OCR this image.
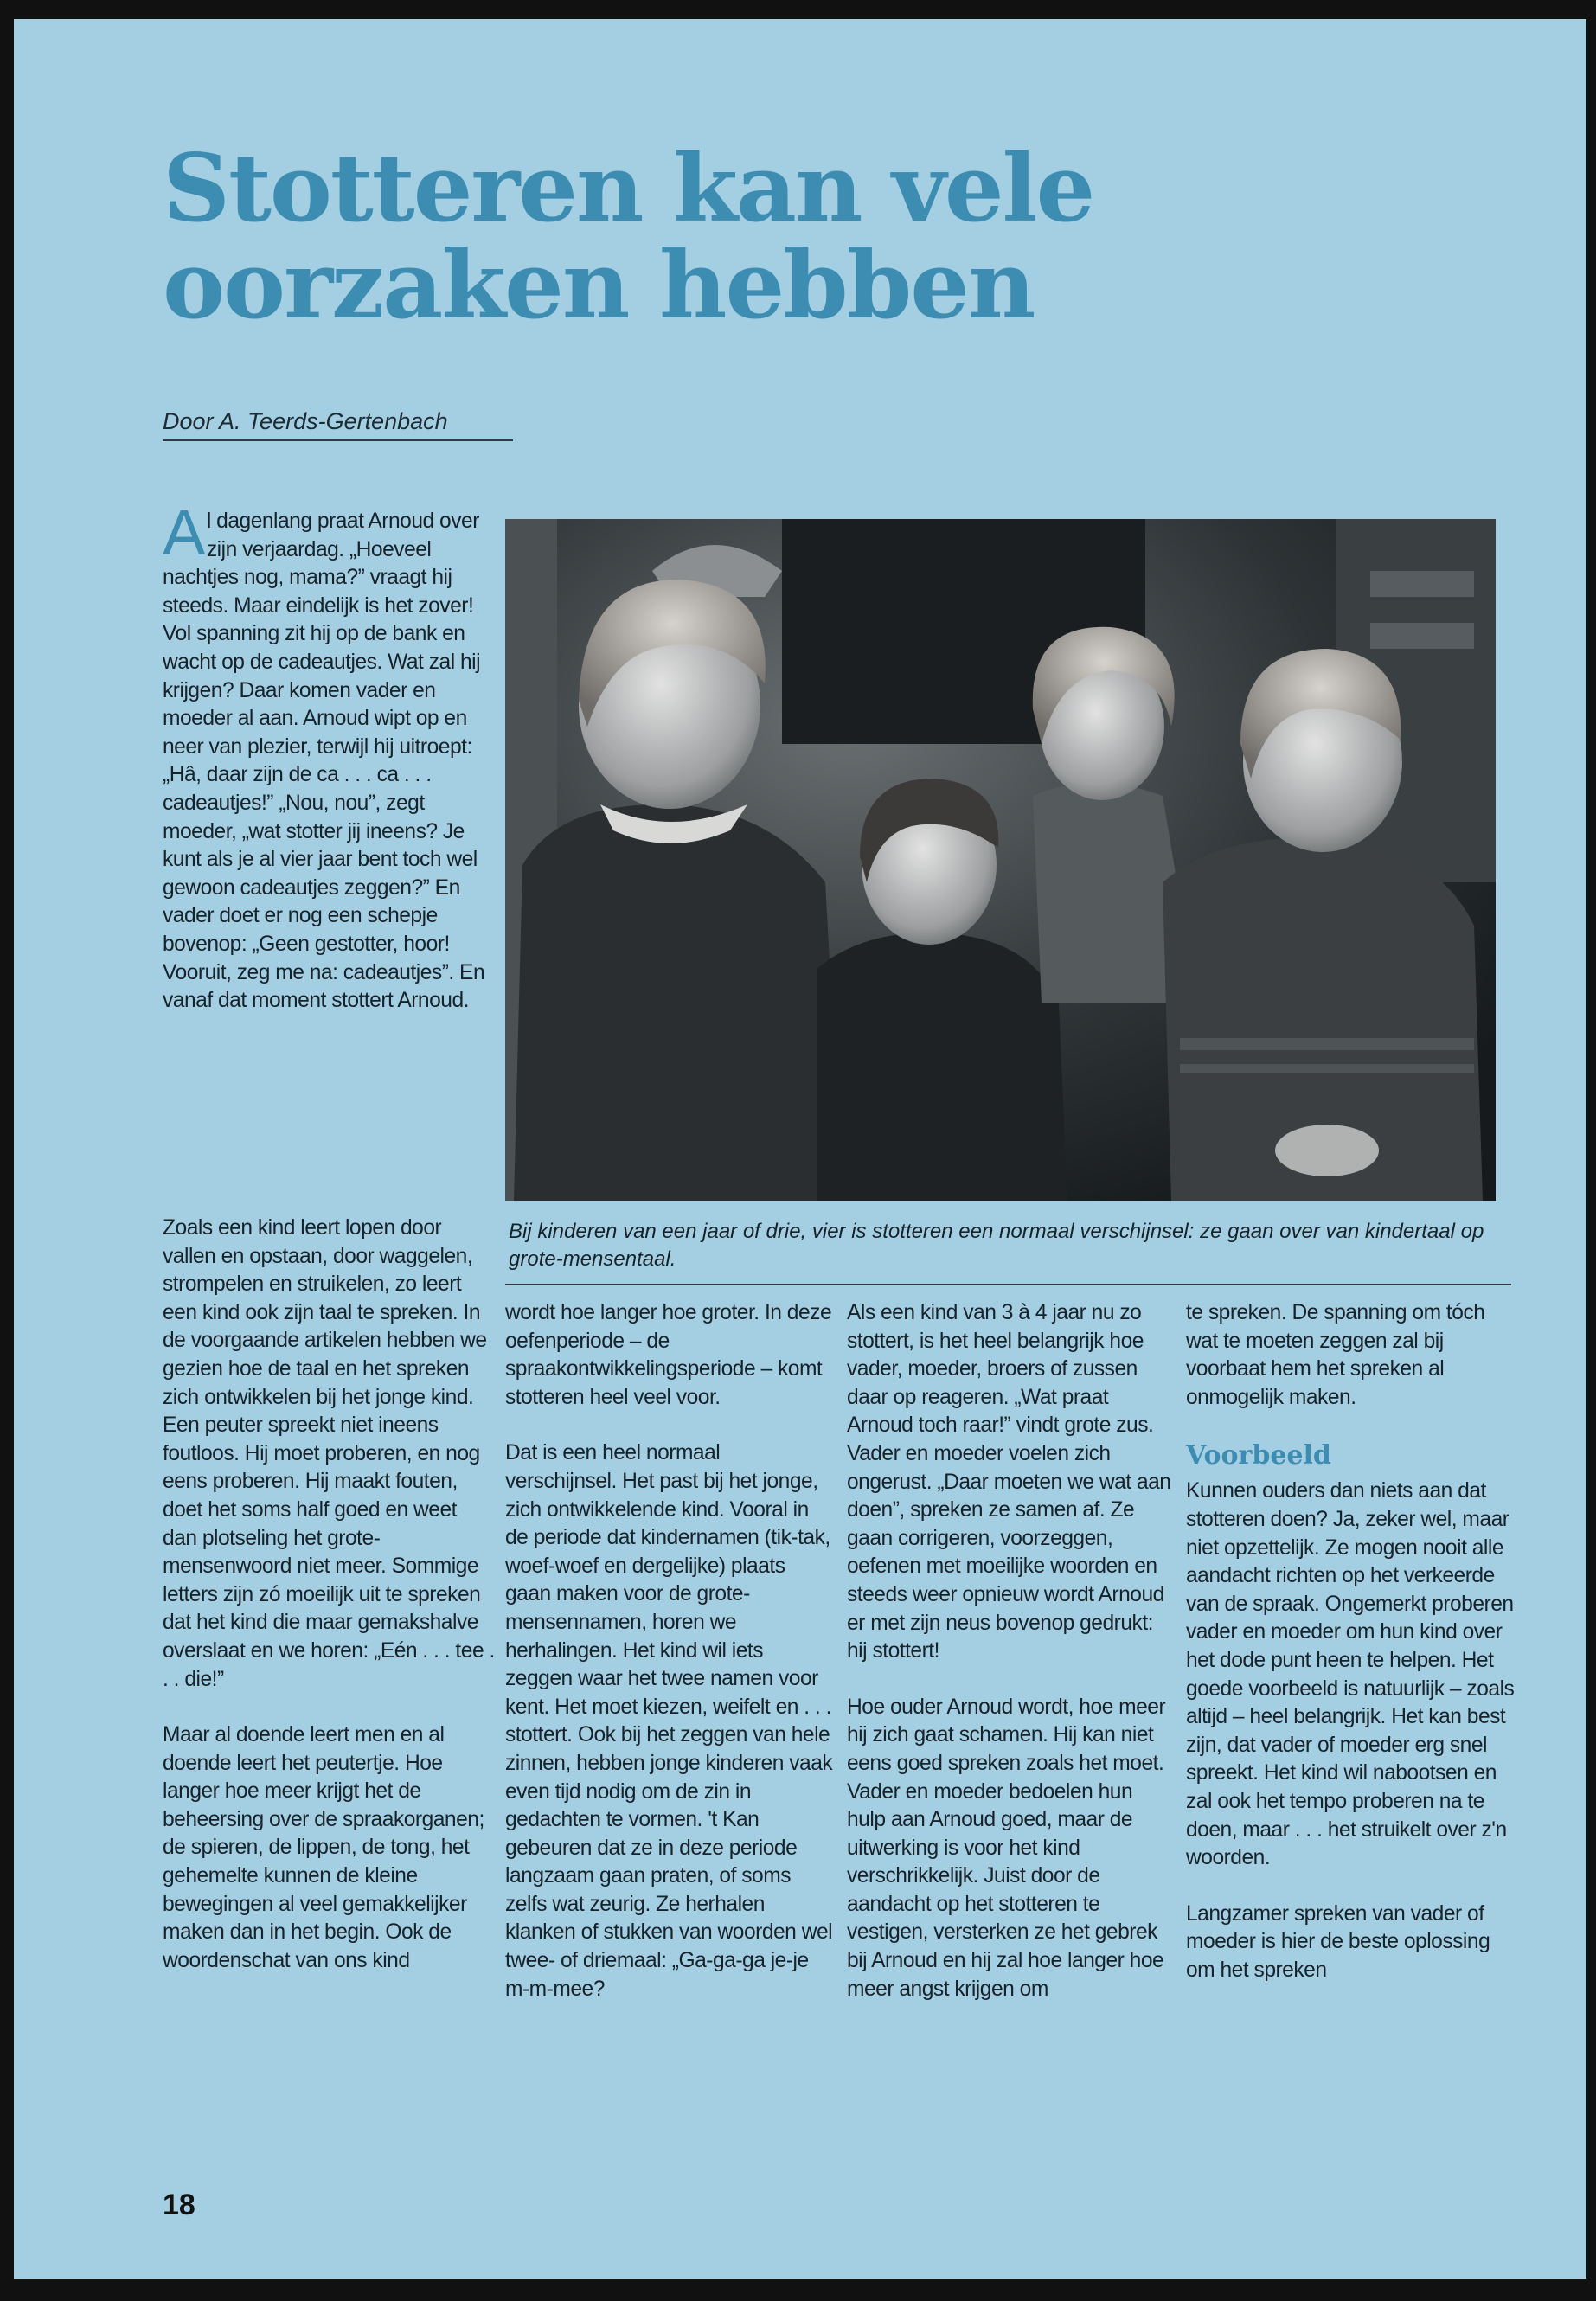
Stotteren kan vele oorzaken hebben
Door A. Teerds-Gertenbach

Al dagenlang praat Arnoud over zijn verjaardag. „Hoeveel nachtjes nog, mama?” vraagt hij steeds. Maar eindelijk is het zover! Vol spanning zit hij op de bank en wacht op de cadeautjes. Wat zal hij krijgen? Daar komen vader en moeder al aan. Arnoud wipt op en neer van plezier, terwijl hij uitroept: „Hâ, daar zijn de ca . . . ca . . . cadeautjes!” „Nou, nou”, zegt moeder, „wat stotter jij ineens? Je kunt als je al vier jaar bent toch wel gewoon cadeautjes zeggen?” En vader doet er nog een schepje bovenop: „Geen gestotter, hoor! Vooruit, zeg me na: cadeautjes”. En vanaf dat moment stottert Arnoud.

Bij kinderen van een jaar of drie, vier is stotteren een normaal verschijnsel: ze gaan over van kindertaal op grote-mensentaal.

Zoals een kind leert lopen door vallen en opstaan, door waggelen, strompelen en struikelen, zo leert een kind ook zijn taal te spreken. In de voorgaande artikelen hebben we gezien hoe de taal en het spreken zich ontwikkelen bij het jonge kind. Een peuter spreekt niet ineens foutloos. Hij moet proberen, en nog eens proberen. Hij maakt fouten, doet het soms half goed en weet dan plotseling het grote-mensenwoord niet meer. Sommige letters zijn zó moeilijk uit te spreken dat het kind die maar gemakshalve overslaat en we horen: „Eén . . . tee . . . die!”

Maar al doende leert men en al doende leert het peutertje. Hoe langer hoe meer krijgt het de beheersing over de spraakorganen; de spieren, de lippen, de tong, het gehemelte kunnen de kleine bewegingen al veel gemakkelijker maken dan in het begin. Ook de woordenschat van ons kind

wordt hoe langer hoe groter. In deze oefenperiode – de spraakontwikkelingsperiode – komt stotteren heel veel voor.

Dat is een heel normaal verschijnsel. Het past bij het jonge, zich ontwikkelende kind. Vooral in de periode dat kindernamen (tik-tak, woef-woef en dergelijke) plaats gaan maken voor de grote-mensennamen, horen we herhalingen. Het kind wil iets zeggen waar het twee namen voor kent. Het moet kiezen, weifelt en . . . stottert. Ook bij het zeggen van hele zinnen, hebben jonge kinderen vaak even tijd nodig om de zin in gedachten te vormen. 't Kan gebeuren dat ze in deze periode langzaam gaan praten, of soms zelfs wat zeurig. Ze herhalen klanken of stukken van woorden wel twee- of driemaal: „Ga-ga-ga je-je m-m-mee?

Als een kind van 3 à 4 jaar nu zo stottert, is het heel belangrijk hoe vader, moeder, broers of zussen daar op reageren. „Wat praat Arnoud toch raar!” vindt grote zus. Vader en moeder voelen zich ongerust. „Daar moeten we wat aan doen”, spreken ze samen af. Ze gaan corrigeren, voorzeggen, oefenen met moeilijke woorden en steeds weer opnieuw wordt Arnoud er met zijn neus bovenop gedrukt: hij stottert!

Hoe ouder Arnoud wordt, hoe meer hij zich gaat schamen. Hij kan niet eens goed spreken zoals het moet. Vader en moeder bedoelen hun hulp aan Arnoud goed, maar de uitwerking is voor het kind verschrikkelijk. Juist door de aandacht op het stotteren te vestigen, versterken ze het gebrek bij Arnoud en hij zal hoe langer hoe meer angst krijgen om

te spreken. De spanning om tóch wat te moeten zeggen zal bij voorbaat hem het spreken al onmogelijk maken.

Voorbeeld

Kunnen ouders dan niets aan dat stotteren doen? Ja, zeker wel, maar niet opzettelijk. Ze mogen nooit alle aandacht richten op het verkeerde van de spraak. Ongemerkt proberen vader en moeder om hun kind over het dode punt heen te helpen. Het goede voorbeeld is natuurlijk – zoals altijd – heel belangrijk. Het kan best zijn, dat vader of moeder erg snel spreekt. Het kind wil nabootsen en zal ook het tempo proberen na te doen, maar . . . het struikelt over z'n woorden.

Langzamer spreken van vader of moeder is hier de beste oplossing om het spreken

18
